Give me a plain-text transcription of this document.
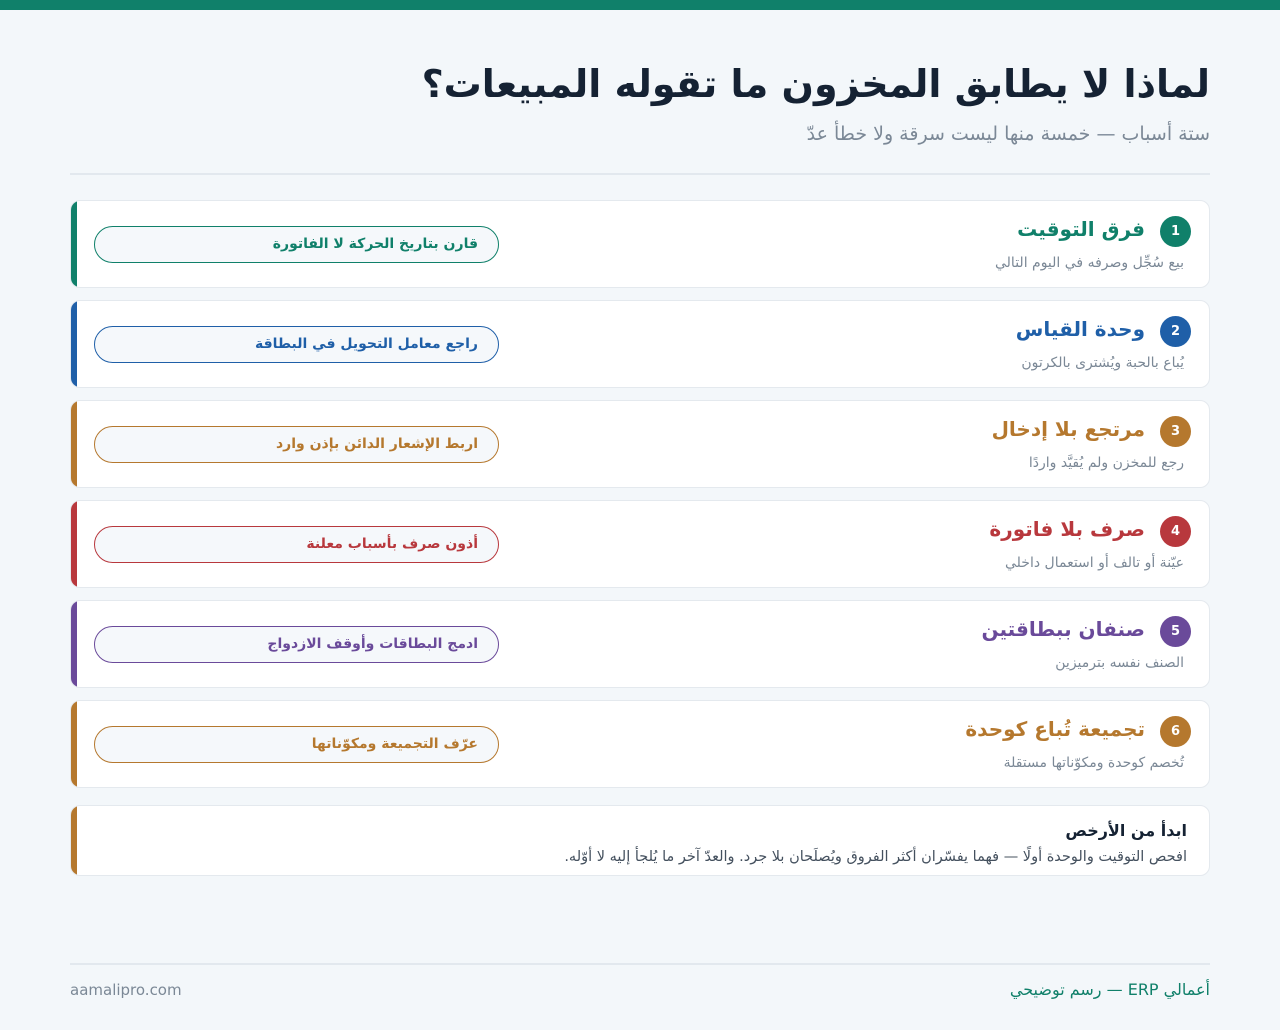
لماذا لا يطابق المخزون ما تقوله المبيعات؟

ستة أسباب — خمسة منها ليست سرقة ولا خطأ عدّ

1
فرق التوقيت
بيع سُجِّل وصرفه في اليوم التالي
قارن بتاريخ الحركة لا الفاتورة
2
وحدة القياس
يُباع بالحبة ويُشترى بالكرتون
راجع معامل التحويل في البطاقة
3
مرتجع بلا إدخال
رجع للمخزن ولم يُقيَّد واردًا
اربط الإشعار الدائن بإذن وارد
4
صرف بلا فاتورة
عيّنة أو تالف أو استعمال داخلي
أذون صرف بأسباب معلنة
5
صنفان ببطاقتين
الصنف نفسه بترميزين
ادمج البطاقات وأوقف الازدواج
6
تجميعة تُباع كوحدة
تُخصم كوحدة ومكوّناتها مستقلة
عرّف التجميعة ومكوّناتها
ابدأ من الأرخص
افحص التوقيت والوحدة أولًا — فهما يفسّران أكثر الفروق ويُصلَحان بلا جرد. والعدّ آخر ما يُلجأ إليه لا أوّله.
أعمالي ERP — رسم توضيحي
aamalipro.com
